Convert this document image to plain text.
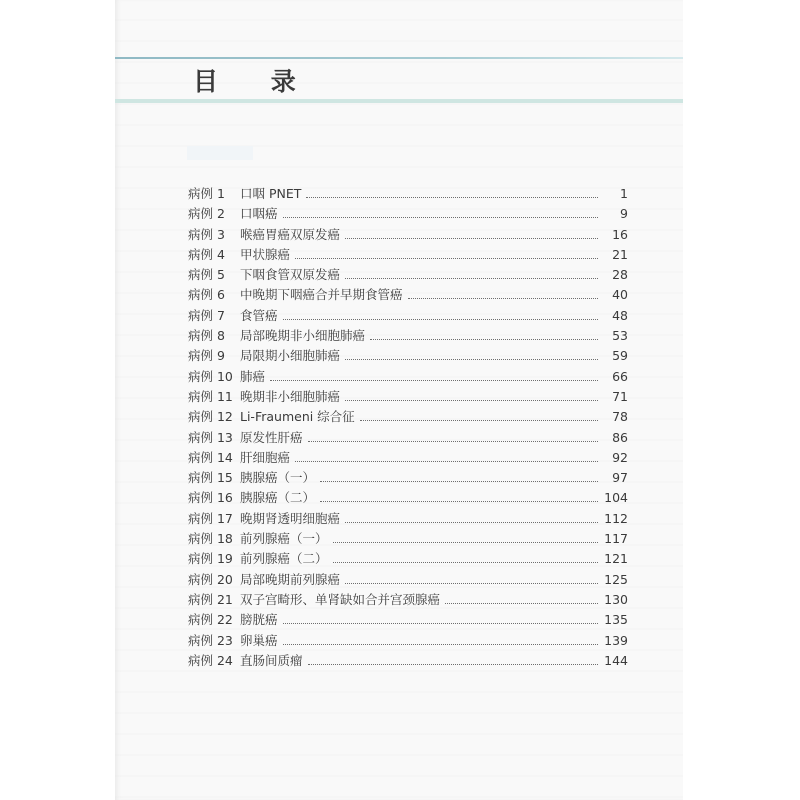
目 录
病例 1	口咽 PNET	1
病例 2	口咽癌	9
病例 3	喉癌胃癌双原发癌	16
病例 4	甲状腺癌	21
病例 5	下咽食管双原发癌	28
病例 6	中晚期下咽癌合并早期食管癌	40
病例 7	食管癌	48
病例 8	局部晚期非小细胞肺癌	53
病例 9	局限期小细胞肺癌	59
病例 10 肺癌	66
病例 11 晚期非小细胞肺癌	71
病例 12 Li-Fraumeni 综合征	78
病例 13 原发性肝癌	86
病例 14 肝细胞癌	92
病例 15 胰腺癌（一）	97
病例 16 胰腺癌（二）	104
病例 17 晚期肾透明细胞癌	112
病例 18 前列腺癌（一）	117
病例 19 前列腺癌（二）	121
病例 20 局部晚期前列腺癌	125
病例 21 双子宫畸形、单肾缺如合并宫颈腺癌	130
病例 22 膀胱癌	135
病例 23 卵巢癌	139
病例 24 直肠间质瘤	144
